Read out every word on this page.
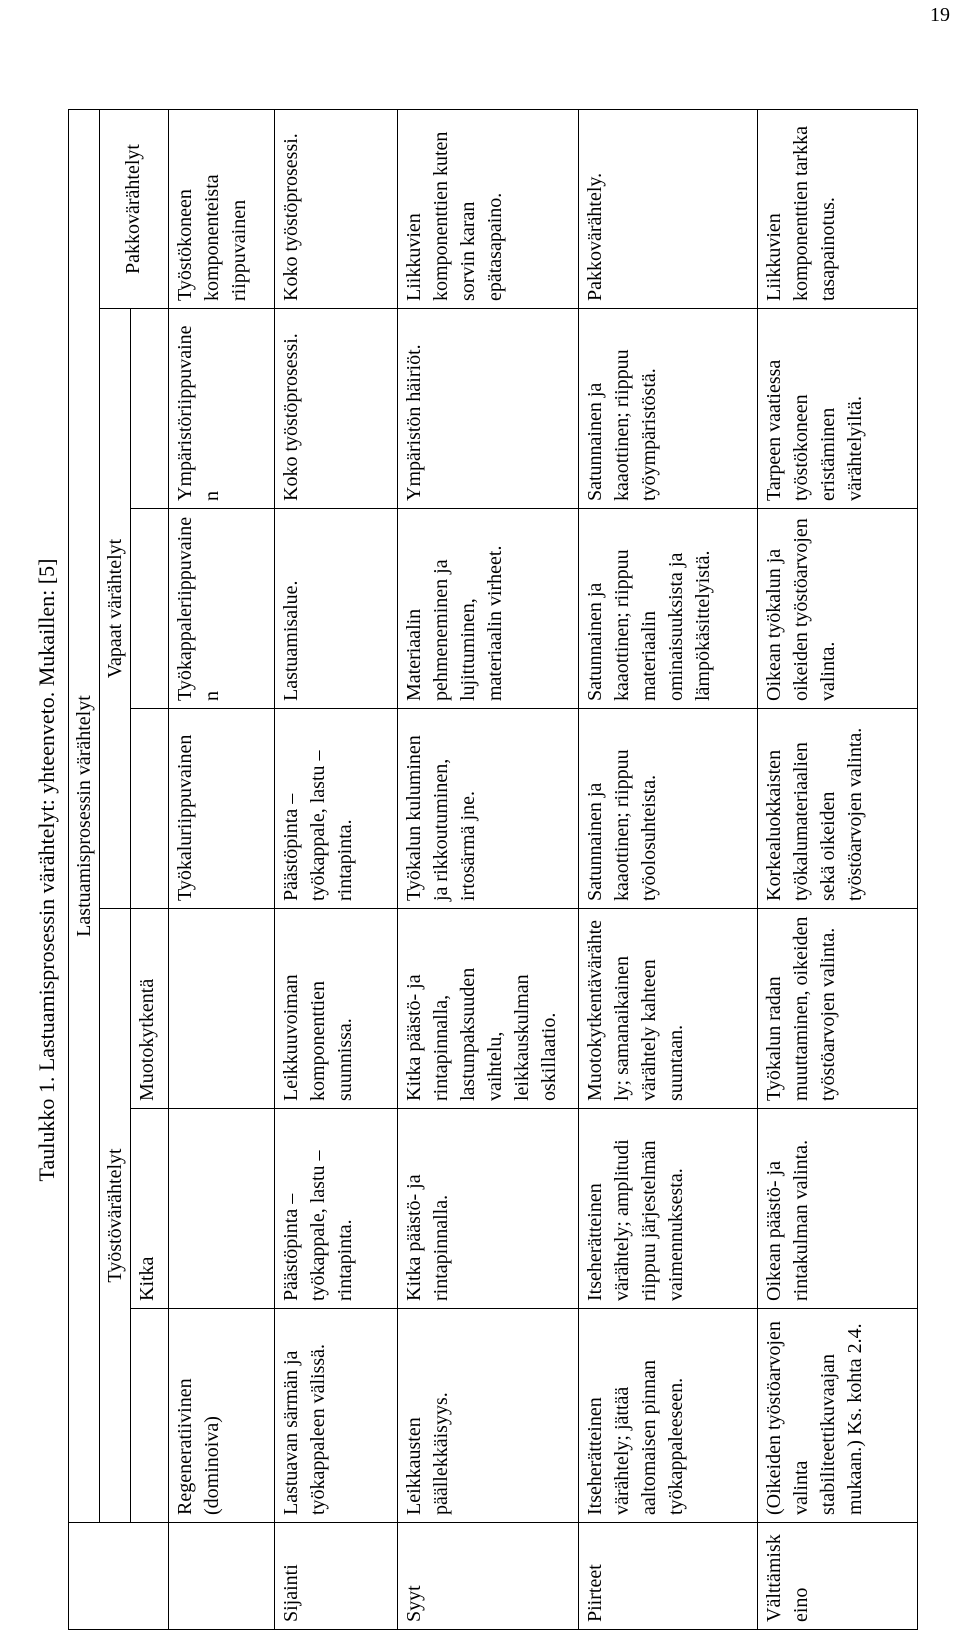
19
Taulukko 1. Lastuamisprosessin värähtelyt: yhteenveto. Mukaillen: [5]
	Lastuamisprosessin värähtelyt						
	Työstövärähtelyt			Vapaat värähtelyt			Pakkovärähtelyt
		Kitka	Muotokytkentä				
	Regeneratiivinen (dominoiva)			Työkaluriippuvainen	Työkappaleriippuvainen	Ympäristöriippuvainen	Työstökoneen komponenteista riippuvainen
Sijainti	Lastuavan särmän ja työkappaleen välissä.	Päästöpinta – työkappale, lastu – rintapinta.	Leikkuuvoiman komponenttien suunnissa.	Päästöpinta – työkappale, lastu – rintapinta.	Lastuamisalue.	Koko työstöprosessi.	Koko työstöprosessi.
Syyt	Leikkausten päällekkäisyys.	Kitka päästö- ja rintapinnalla.	Kitka päästö- ja rintapinnalla, lastunpaksuuden vaihtelu, leikkauskulman oskillaatio.	Työkalun kuluminen ja rikkoutuminen, irtosärmä jne.	Materiaalin pehmeneminen ja lujittuminen, materiaalin virheet.	Ympäristön häiriöt.	Liikkuvien komponenttien kuten sorvin karan epätasapaino.
Piirteet	Itseherätteinen värähtely; jättää aaltomaisen pinnan työkappaleeseen.	Itseherätteinen värähtely; amplitudi riippuu järjestelmän vaimennuksesta.	Muotokytkentävärähtely; samanaikainen värähtely kahteen suuntaan.	Satunnainen ja kaaottinen; riippuu työolosuhteista.	Satunnainen ja kaaottinen; riippuu materiaalin ominaisuuksista ja lämpökäsittelyistä.	Satunnainen ja kaaottinen; riippuu työympäristöstä.	Pakkovärähtely.
Välttämiskeino	(Oikeiden työstöarvojen valinta stabiliteettikuvaajan mukaan.) Ks. kohta 2.4.	Oikean päästö- ja rintakulman valinta.	Työkalun radan muuttaminen, oikeiden työstöarvojen valinta.	Korkealuokkaisten työkalumateriaalien sekä oikeiden työstöarvojen valinta.	Oikean työkalun ja oikeiden työstöarvojen valinta.	Tarpeen vaatiessa työstökoneen eristäminen värähtelyiltä.	Liikkuvien komponenttien tarkka tasapainotus.
